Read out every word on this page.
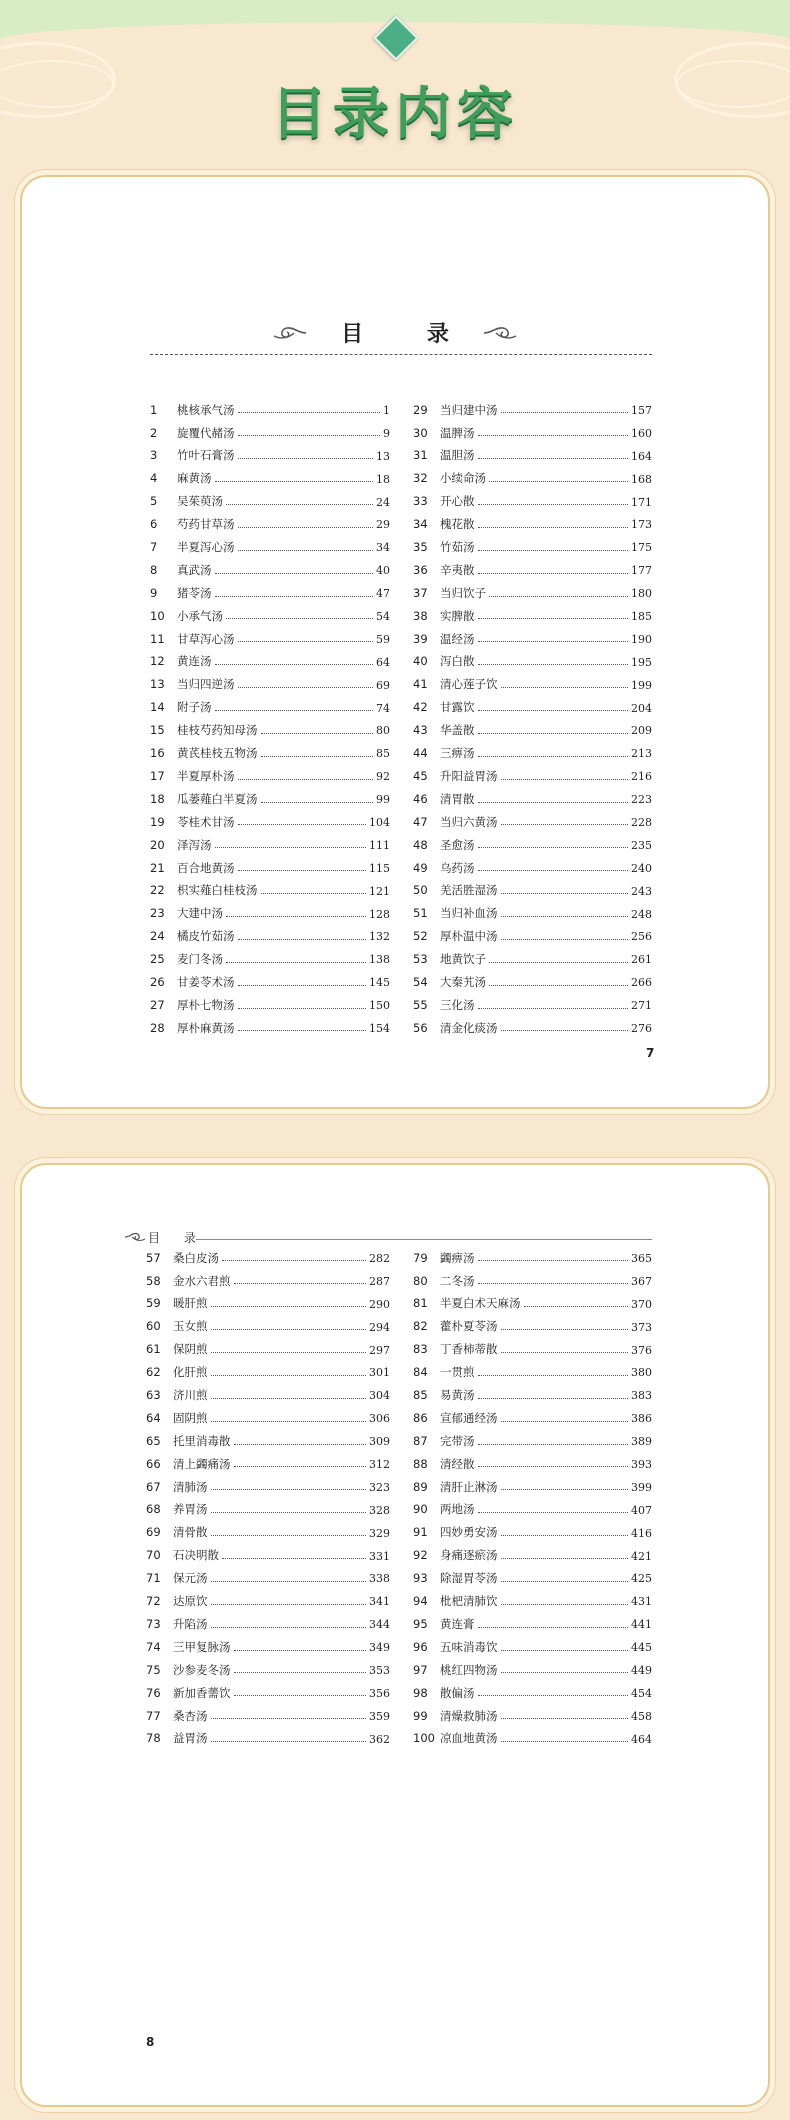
目录内容
目 录
1	桃核承气汤	1
2	旋覆代赭汤	9
3	竹叶石膏汤	13
4	麻黄汤	18
5	吴茱萸汤	24
6	芍药甘草汤	29
7	半夏泻心汤	34
8	真武汤	40
9	猪苓汤	47
10	小承气汤	54
11	甘草泻心汤	59
12	黄连汤	64
13	当归四逆汤	69
14	附子汤	74
15	桂枝芍药知母汤	80
16	黄芪桂枝五物汤	85
17	半夏厚朴汤	92
18	瓜蒌薤白半夏汤	99
19	苓桂术甘汤	104
20	泽泻汤	111
21	百合地黄汤	115
22	枳实薤白桂枝汤	121
23	大建中汤	128
24	橘皮竹茹汤	132
25	麦门冬汤	138
26	甘姜苓术汤	145
27	厚朴七物汤	150
28	厚朴麻黄汤	154
29	当归建中汤	157
30	温脾汤	160
31	温胆汤	164
32	小续命汤	168
33	开心散	171
34	槐花散	173
35	竹茹汤	175
36	辛夷散	177
37	当归饮子	180
38	实脾散	185
39	温经汤	190
40	泻白散	195
41	清心莲子饮	199
42	甘露饮	204
43	华盖散	209
44	三痹汤	213
45	升阳益胃汤	216
46	清胃散	223
47	当归六黄汤	228
48	圣愈汤	235
49	乌药汤	240
50	羌活胜湿汤	243
51	当归补血汤	248
52	厚朴温中汤	256
53	地黄饮子	261
54	大秦艽汤	266
55	三化汤	271
56	清金化痰汤	276
7
目 录
57	桑白皮汤	282
58	金水六君煎	287
59	暖肝煎	290
60	玉女煎	294
61	保阴煎	297
62	化肝煎	301
63	济川煎	304
64	固阴煎	306
65	托里消毒散	309
66	清上蠲痛汤	312
67	清肺汤	323
68	养胃汤	328
69	清骨散	329
70	石决明散	331
71	保元汤	338
72	达原饮	341
73	升陷汤	344
74	三甲复脉汤	349
75	沙参麦冬汤	353
76	新加香薷饮	356
77	桑杏汤	359
78	益胃汤	362
79	蠲痹汤	365
80	二冬汤	367
81	半夏白术天麻汤	370
82	藿朴夏苓汤	373
83	丁香柿蒂散	376
84	一贯煎	380
85	易黄汤	383
86	宣郁通经汤	386
87	完带汤	389
88	清经散	393
89	清肝止淋汤	399
90	两地汤	407
91	四妙勇安汤	416
92	身痛逐瘀汤	421
93	除湿胃苓汤	425
94	枇杷清肺饮	431
95	黄连膏	441
96	五味消毒饮	445
97	桃红四物汤	449
98	散偏汤	454
99	清燥救肺汤	458
100 凉血地黄汤	464
8
